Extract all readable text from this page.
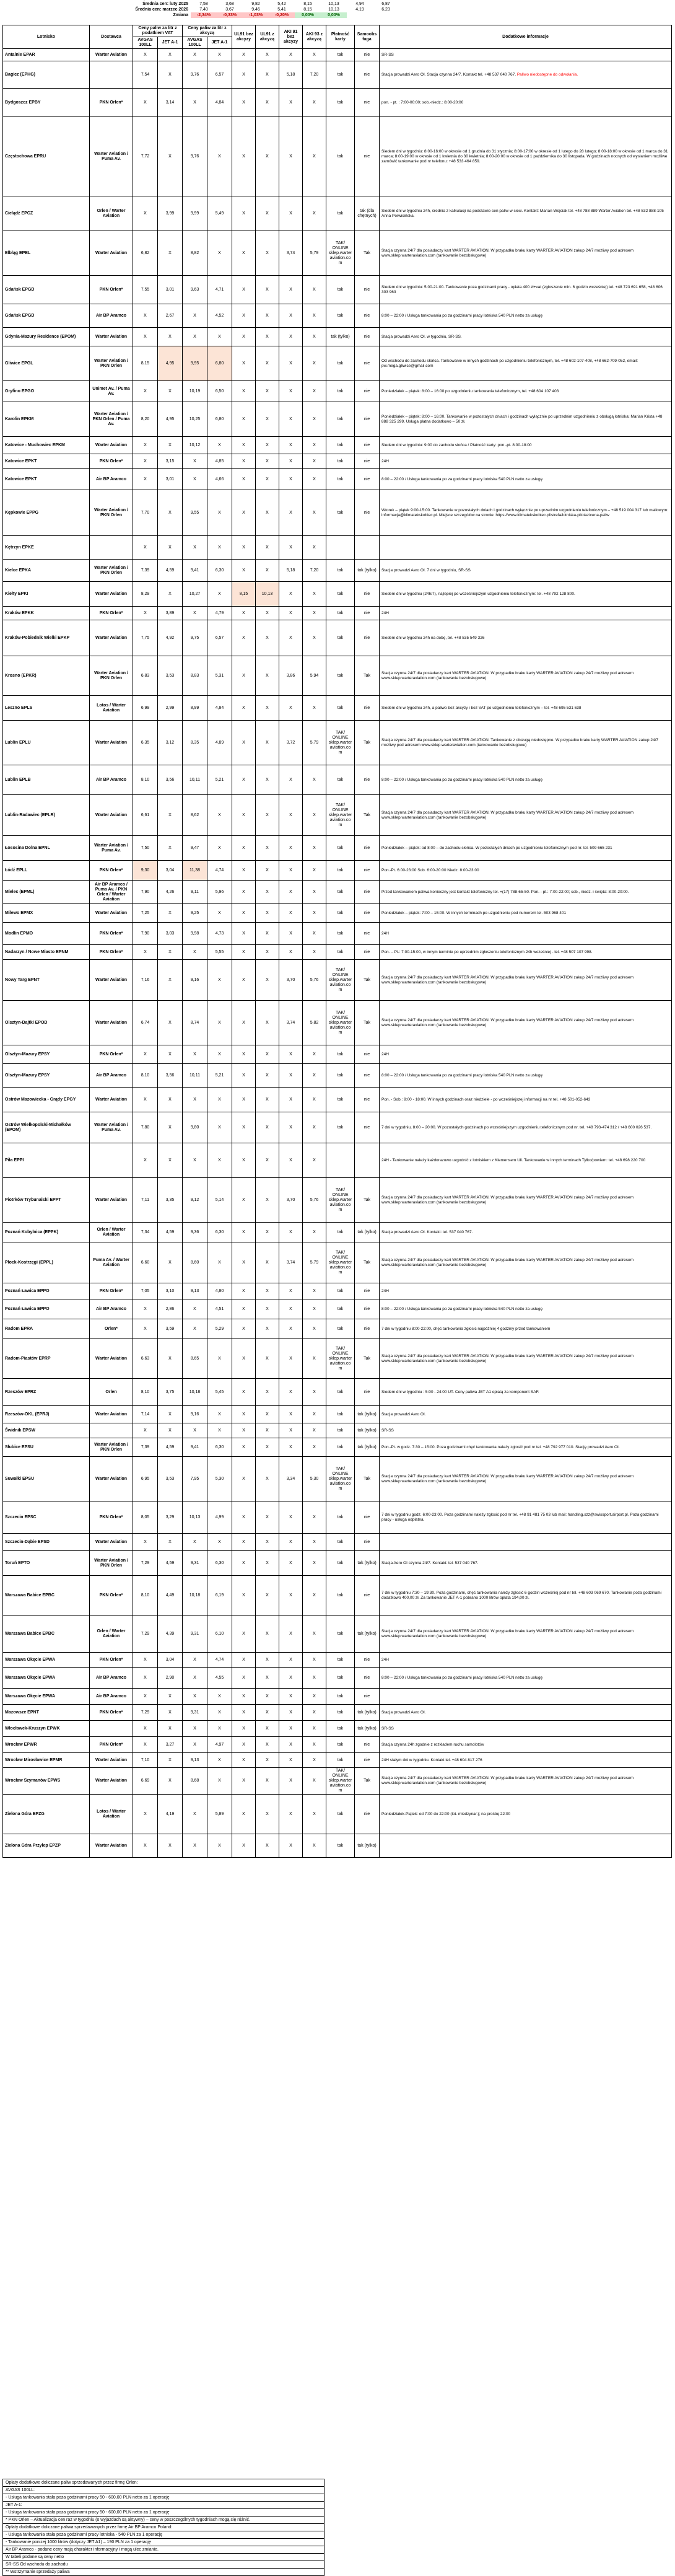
Średnia cen: luty 2025	7,58	3,68	9,82	5,42	8,15	10,13	4,94	6,87
Średnia cen: marzec 2026	7,40	3,67	9,46	5,41	8,15	10,13	4,19	6,23
Zmiana	-2,34%	-0,33%	-1,03%	-0,20%	0,00%	0,00%		
Lotnisko	Dostawca	Ceny paliw za litr z podatkiem VAT		Ceny paliw za litr z akcyzą		UL91 bez akcyzy	UL91 z akcyzą	AKI 91 bez akcyzy	AKI 93 z akcyzą	Płatność karty	Samoobsługa	Dodatkowe informacje
		AVGAS 100LL	JET A-1	AVGAS 100LL	JET A-1							
Antalnie EPAR	Warter Aviation	X	X	X	X	X	X	X	X	tak	nie	SR-SS
Bagicz (EPHG)		7,54	X	9,76	6,57	X	X	5,18	7,20	tak	nie	Stacja prowadzi Aero OI. Stacja czynna 24/7. Kontakt tel. +48 537 040 767. Paliwo niedostępne do odwołania.
Bydgoszcz EPBY	PKN Orlen*	X	3,14	X	4,84	X	X	X	X	tak	nie	pon. - pt. : 7:00-00:00; sob.-niedz.: 8:00-20:00
Częstochowa EPRU	Warter Aviation / Puma Av.	7,72	X	9,76	X	X	X	X	X	tak	nie	Siedem dni w tygodniu: 8:00-16:00 w okresie od 1 grudnia do 31 stycznia; 8:00-17:00 w okresie od 1 lutego do 28 lutego; 8:00-18:00 w okresie od 1 marca do 31 marca; 8:00-19:00 w okresie od 1 kwietnia do 30 kwietnia; 8:00-20:00 w okresie od 1 października do 30 listopada. W godzinach nocnych od wysłaniem możliwe zamówić tankowanie pod nr telefonu: +48 533 464 859.
Cielądź EPCZ	Orlen / Warter Aviation	X	3,99	9,99	5,49	X	X	X	X	tak	tak (dla chętnych)	Siedem dni w tygodniu 24h, średnia z kalkulacji na podstawie cen paliw w sieci. Kontakt: Marian Wojciak tel. +48 788 889 Warter Aviation tel. +48 532 888-105 Anna Porwisińska.
Elbląg EPEL	Warter Aviation	6,82	X	8,82	X	X	X	3,74	5,79	TAK/ ONLINE sklep.warter aviation.co m	Tak	Stacja czynna 24/7 dla posiadaczy kart WARTER AVIATION. W przypadku braku karty WARTER AVIATION zakup 24/7 możliwy pod adresem www.sklep.warteraviation.com (tankowanie bezobsługowe)
Gdańsk EPGD	PKN Orlen*	7,55	3,01	9,63	4,71	X	X	X	X	tak	nie	Siedem dni w tygodniu: 5:00-21:00. Tankowanie poza godzinami pracy - opłata 400 zł+vat (zgłoszenie min. 6 godzin wcześniej) tel. +48 723 691 658, +48 606 303 963
Gdańsk EPGD	Air BP Aramco	X	2,67	X	4,52	X	X	X	X	tak	nie	8:00 – 22:00 / Usługa tankowania po za godzinami pracy lotniska 540 PLN netto za usługę
Gdynia-Mazury Residence (EPOM)	Warter Aviation	X	X	X	X	X	X	X	X	tak (tylko)	nie	Stacja prowadzi Aero OI. w tygodniu, SR-SS.
Gliwice EPGL	Warter Aviation / PKN Orlen	8,15	4,95	9,95	6,80	X	X	X	X	tak	nie	Od wschodu do zachodu słońca. Tankowanie w innych godzinach po uzgodnieniu telefonicznym, tel. +48 602-107-408, +48 662-709-052, email: pw.mega.gliwice@gmail.com
Gryfino EPGO	Unimet Av. / Puma Av.	X	X	10,19	6,50	X	X	X	X	tak	nie	Poniedziałek – piątek: 8:00 – 16:00 po uzgodnieniu tankowania telefonicznym, tel. +48 604 107 403
Karolin EPKM	Warter Aviation / PKN Orlen / Puma Av.	8,20	4,95	10,25	6,80	X	X	X	X	tak	nie	Poniedziałek – piątek: 8:00 – 16:00. Tankowanie w pozostałych dniach i godzinach wyłącznie po uprzednim uzgodnieniu z obsługą lotniska: Marian Krista +48 888 325 299. Usługa płatna dodatkowo – 50 zł.
Katowice - Muchowiec EPKM	Warter Aviation	X	X	10,12	X	X	X	X	X	tak	nie	Siedem dni w tygodniu: 9:00 do zachodu słońca / Płatność karty: pon.-pt. 8:00-18:00
Katowice EPKT	PKN Orlen*	X	3,15	X	4,85	X	X	X	X	tak	nie	24H
Katowice EPKT	Air BP Aramco	X	3,01	X	4,66	X	X	X	X	tak	nie	8:00 – 22:00 / Usługa tankowania po za godzinami pracy lotniska 540 PLN netto za usługę
Kępkowie EPPG	Warter Aviation / PKN Orlen	7,70	X	9,55	X	X	X	X	X	tak	nie	Wtorek – piątek 9:00-15:00. Tankowanie w pozostałych dniach i godzinach wyłącznie po uprzednim uzgodnieniu telefonicznym – +48 519 004 317 lub mailowym: informacja@klimatekskobiec.pl. Miejsce szczegółów na stronie: https://www.klimatekskobiec.pl/strefa/lotniska-pilotaz/cena-paliw
Kętrzyn EPKE		X	X	X	X	X	X	X	X			
Kielce EPKA	Warter Aviation / PKN Orlen	7,39	4,59	9,41	6,30	X	X	5,18	7,20	tak	tak (tylko)	Stacja prowadzi Aero OI. 7 dni w tygodniu, SR-SS
Kiełty EPKI	Warter Aviation	8,29	X	10,27	X	8,15	10,13	X	X	tak	nie	Siedem dni w tygodniu (24h/7), najlepiej po wcześniejszym uzgodnieniu telefonicznym: tel. +48 792 128 800.
Kraków EPKK	PKN Orlen*	X	3,89	X	4,79	X	X	X	X	tak	nie	24H
Kraków-Pobiednik Wielki EPKP	Warter Aviation	7,75	4,92	9,75	6,57	X	X	X	X	tak	nie	Siedem dni w tygodniu 24h na dobę, tel. +48 535 549 326
Krosno (EPKR)	Warter Aviation / PKN Orlen	6,83	3,53	8,83	5,31	X	X	3,86	5,94	tak	Tak	Stacja czynna 24/7 dla posiadaczy kart WARTER AVIATION. W przypadku braku karty WARTER AVIATION zakup 24/7 możliwy pod adresem www.sklep.warteraviation.com (tankowanie bezobsługowe)
Leszno EPLS	Lotos / Warter Aviation	6,99	2,99	8,99	4,84	X	X	X	X	tak	nie	Siedem dni w tygodniu 24h, a paliwo bez akcyzy i bez VAT po uzgodnieniu telefonicznym – tel. +48 695 531 638
Lublin EPLU	Warter Aviation	6,35	3,12	8,35	4,89	X	X	3,72	5,79	TAK/ ONLINE sklep.warter aviation.co m	Tak	Stacja czynna 24/7 dla posiadaczy kart WARTER AVIATION. Tankowanie z obsługą niedostępne. W przypadku braku karty WARTER AVIATION zakup 24/7 możliwy pod adresem www.sklep.warteraviation.com (tankowanie bezobsługowe)
Lublin EPLB	Air BP Aramco	8,10	3,56	10,11	5,21	X	X	X	X	tak	nie	8:00 – 22:00 / Usługa tankowania po za godzinami pracy lotniska 540 PLN netto za usługę
Lublin-Radawiec (EPLR)	Warter Aviation	6,61	X	8,62	X	X	X	X	X	TAK/ ONLINE sklep.warter aviation.co m	Tak	Stacja czynna 24/7 dla posiadaczy kart WARTER AVIATION. W przypadku braku karty WARTER AVIATION zakup 24/7 możliwy pod adresem www.sklep.warteraviation.com (tankowanie bezobsługowe)
Łososina Dolna EPNL	Warter Aviation / Puma Av.	7,50	X	9,47	X	X	X	X	X	tak	nie	Poniedziałek – piątek: od 8:00 – do zachodu słońca. W pozostałych dniach po uzgodnieniu telefonicznym pod nr. tel. 509 665 231
Łódź EPLL	PKN Orlen*	9,30	3,04	11,38	4,74	X	X	X	X	tak	nie	Pon.-Pt. 6:00-23:00 Sob. 6:00-20:00 Niedz. 8:00-23:00
Mielec (EPML)	Air BP Aramco / Puma Av. / PKN Orlen / Warter Aviation	7,90	4,26	9,11	5,96	X	X	X	X	tak	nie	Przed tankowaniem paliwa konieczny jest kontakt telefoniczny tel. +(17) 788-65-50. Pon. - pt.: 7:00-22:00; sob., niedz. i święta: 8:00-20:00.
Milewo EPMX	Warter Aviation	7,25	X	9,25	X	X	X	X	X	tak	nie	Poniedziałek – piątek: 7:00 – 15:00. W innych terminach po uzgodnieniu pod numerem tel. 503 968 401
Modlin EPMO	PKN Orlen*	7,90	3,03	9,98	4,73	X	X	X	X	tak	nie	24H
Nadarzyn / Nowe Miasto EPNM	PKN Orlen*	X	X	X	5,55	X	X	X	X	tak	nie	Pon. – Pt.: 7:00-15:00, w innym terminie po uprzednim zgłoszeniu telefonicznym 24h wcześniej - tel. +48 507 107 998.
Nowy Targ EPNT	Warter Aviation	7,16	X	9,16	X	X	X	3,70	5,76	TAK/ ONLINE sklep.warter aviation.co m	Tak	Stacja czynna 24/7 dla posiadaczy kart WARTER AVIATION. W przypadku braku karty WARTER AVIATION zakup 24/7 możliwy pod adresem www.sklep.warteraviation.com (tankowanie bezobsługowe)
Olsztyn-Dajtki EPOD	Warter Aviation	6,74	X	8,74	X	X	X	3,74	5,82	TAK/ ONLINE sklep.warter aviation.co m	Tak	Stacja czynna 24/7 dla posiadaczy kart WARTER AVIATION. W przypadku braku karty WARTER AVIATION zakup 24/7 możliwy pod adresem www.sklep.warteraviation.com (tankowanie bezobsługowe)
Olsztyn-Mazury EPSY	PKN Orlen*	X	X	X	X	X	X	X	X	tak	nie	24H
Olsztyn-Mazury EPSY	Air BP Aramco	8,10	3,56	10,11	5,21	X	X	X	X	tak	nie	8:00 – 22:00 / Usługa tankowania po za godzinami pracy lotniska 540 PLN netto za usługę
Ostrów Mazowiecka - Grądy EPGY	Warter Aviation	X	X	X	X	X	X	X	X	tak	nie	Pon. - Sob.: 9:00 - 18:00. W innych godzinach oraz niedziele - po wcześniejszej informacji na nr tel. +48 501-052-643
Ostrów Wielkopolski-Michałków (EPOM)	Warter Aviation / Puma Av.	7,80	X	9,80	X	X	X	X	X	tak	nie	7 dni w tygodniu, 8:00 – 20:00. W pozostałych godzinach po wcześniejszym uzgodnieniu telefonicznym pod nr. tel. +48 793-474 312 / +48 600 026 537.
Piła EPPI		X	X	X	X	X	X	X	X			24H - Tankowanie należy każdorazowo uzgodnić z lotniskiem z Klemensem Uli. Tankowanie w innych terminach Tylko/powiem: tel. +48 698 220 700
Piotrków Trybunalski EPPT	Warter Aviation	7,11	3,35	9,12	5,14	X	X	3,70	5,76	TAK/ ONLINE sklep.warter aviation.co m	Tak	Stacja czynna 24/7 dla posiadaczy kart WARTER AVIATION. W przypadku braku karty WARTER AVIATION zakup 24/7 możliwy pod adresem www.sklep.warteraviation.com (tankowanie bezobsługowe)
Poznań Kobylnica (EPPK)	Orlen / Warter Aviation	7,34	4,59	9,36	6,30	X	X	X	X	tak	tak (tylko)	Stacja prowadzi Aero OI. Kontakt: tel. 537 040 767.
Płock-Kostrzęgi (EPPL)	Puma Av. / Warter Aviation	6,60	X	8,60	X	X	X	3,74	5,79	TAK/ ONLINE sklep.warter aviation.co m	Tak	Stacja czynna 24/7 dla posiadaczy kart WARTER AVIATION. W przypadku braku karty WARTER AVIATION zakup 24/7 możliwy pod adresem www.sklep.warteraviation.com (tankowanie bezobsługowe)
Poznań Ławica EPPO	PKN Orlen*	7,05	3,10	9,13	4,80	X	X	X	X	tak	nie	24H
Poznań Ławica EPPO	Air BP Aramco	X	2,86	X	4,51	X	X	X	X	tak	nie	8:00 – 22:00 / Usługa tankowania po za godzinami pracy lotniska 540 PLN netto za usługę
Radom EPRA	Orlen*	X	3,59	X	5,29	X	X	X	X	tak	nie	7 dni w tygodniu 8:00-22:00, chęć tankowania zgłosić najpóźniej 4 godziny przed tankowaniem
Radom-Piastów EPRP	Warter Aviation	6,63	X	8,65	X	X	X	X	X	TAK/ ONLINE sklep.warter aviation.co m	Tak	Stacja czynna 24/7 dla posiadaczy kart WARTER AVIATION. W przypadku braku karty WARTER AVIATION zakup 24/7 możliwy pod adresem www.sklep.warteraviation.com (tankowanie bezobsługowe)
Rzeszów EPRZ	Orlen	8,10	3,75	10,18	5,45	X	X	X	X	tak	nie	Siedem dni w tygodniu : 5:00 - 24:00 UT. Ceny paliwa JET A1 opłatą za komponent SAF.
Rzeszów-OKL (EPRJ)	Warter Aviation	7,14	X	9,16	X	X	X	X	X	tak	tak (tylko)	Stacja prowadzi Aero OI.
Świdnik EPSW		X	X	X	X	X	X	X	X	tak	tak (tylko)	SR-SS
Słubice EPSU	Warter Aviation / PKN Orlen	7,39	4,59	9,41	6,30	X	X	X	X	tak	tak (tylko)	Pon.-Pt. w godz. 7:30 – 15:00. Poza godzinami chęć tankowania należy zgłosić pod nr tel. +48 792 977 010. Stację prowadzi Aero OI.
Suwałki EPSU	Warter Aviation	6,95	3,53	7,95	5,30	X	X	3,34	5,30	TAK/ ONLINE sklep.warter aviation.co m	Tak	Stacja czynna 24/7 dla posiadaczy kart WARTER AVIATION. W przypadku braku karty WARTER AVIATION zakup 24/7 możliwy pod adresem www.sklep.warteraviation.com (tankowanie bezobsługowe)
Szczecin EPSC	PKN Orlen*	8,05	3,29	10,13	4,99	X	X	X	X	tak	nie	7 dni w tygodniu godz. 6:00-23:00. Poza godzinami należy zgłosić pod nr tel. +48 91 481 75 03 lub mail: handling.szz@swissport.airport.pl. Poza godzinami pracy - usługa odpłatna.
Szczecin-Dąbie EPSD	Warter Aviation	X	X	X	X	X	X	X	X	tak	nie	
Toruń EPTO	Warter Aviation / PKN Orlen	7,29	4,59	9,31	6,30	X	X	X	X	tak	tak (tylko)	Stacja Aero OI czynna 24/7. Kontakt: tel. 537 040 767.
Warszawa Babice EPBC	PKN Orlen*	8,10	4,49	10,18	6,19	X	X	X	X	tak	nie	7 dni w tygodniu 7:30 – 19:30. Poza godzinami, chęć tankowania należy zgłosić 6 godzin wcześniej pod nr tel. +48 603 069 670. Tankowanie poza godzinami dodatkowo 400,00 zł. Za tankowanie JET A-1 pobrano 1000 litrów opłata 194,00 zł.
Warszawa Babice EPBC	Orlen / Warter Aviation	7,29	4,39	9,31	6,10	X	X	X	X	tak	tak (tylko)	Stacja czynna 24/7 dla posiadaczy kart WARTER AVIATION. W przypadku braku karty WARTER AVIATION zakup 24/7 możliwy pod adresem www.sklep.warteraviation.com (tankowanie bezobsługowe)
Warszawa Okęcie EPWA	PKN Orlen*	X	3,04	X	4,74	X	X	X	X	tak	nie	24H
Warszawa Okęcie EPWA	Air BP Aramco	X	2,90	X	4,55	X	X	X	X	tak	nie	8:00 – 22:00 / Usługa tankowania po za godzinami pracy lotniska 540 PLN netto za usługę
Warszawa Okęcie EPWA	Air BP Aramco	X	X	X	X	X	X	X	X	tak	nie	
Mazowsze EPNT	PKN Orlen*	7,29	X	9,31	X	X	X	X	X	tak	tak (tylko)	Stacja prowadzi Aero OI.
Włocławek-Kruszyn EPWK		X	X	X	X	X	X	X	X	tak	tak (tylko)	SR-SS
Wrocław EPWR	PKN Orlen*	X	3,27	X	4,97	X	X	X	X	tak	nie	Stacja czynna 24h zgodnie z rozkładem ruchu samolotów
Wrocław Mirosławice EPMR	Warter Aviation	7,10	X	9,13	X	X	X	X	X	tak	nie	24H stałym dni w tygodniu. Kontakt tel. +48 604 817 276
Wrocław Szymanów EPWS	Warter Aviation	6,69	X	8,68	X	X	X	X	X	TAK/ ONLINE sklep.warter aviation.co m	Tak	Stacja czynna 24/7 dla posiadaczy kart WARTER AVIATION. W przypadku braku karty WARTER AVIATION zakup 24/7 możliwy pod adresem www.sklep.warteraviation.com (tankowanie bezobsługowe)
Zielona Góra EPZG	Lotos / Warter Aviation	X	4,19	X	5,89	X	X	X	X	tak	nie	Poniedziałek-Piątek: od 7:00 do 22:00 (lot. miedzynar.); na prośbę 22:00
Zielona Góra Przylep EPZP	Warter Aviation	X	X	X	X	X	X	X	X	tak	tak (tylko)	
Opłaty dodatkowe doliczane paliw sprzedawanych przez firmę Orlen:
AVGAS 100LL:
- Usługa tankowania stała poza godzinami pracy 50 - 600,00 PLN netto za 1 operację
JET A-1:
- Usługa tankowania stała poza godzinami pracy 50 - 600,00 PLN netto za 1 operację
* PKN Orlen – Aktualizacja cen raz w tygodniu (o wyjazdach są aktywny) – ceny w poszczególnych tygodniach mogą się różnić.
Opłaty dodatkowe doliczane paliwa sprzedawanych przez firmę Air BP Aramco Poland:
- Usługa tankowania stała poza godzinami pracy lotniska - 540 PLN za 1 operację
- Tankowanie poniżej 1000 litrów (dotyczy JET A1) – 190 PLN za 1 operację
Air BP Aramco - podane ceny mają charakter informacyjny i mogą ulec zmianie.
W tabeli podane są ceny netto
SR-SS Od wschodu do zachodu
** Wstrzymanie sprzedaży paliwa
